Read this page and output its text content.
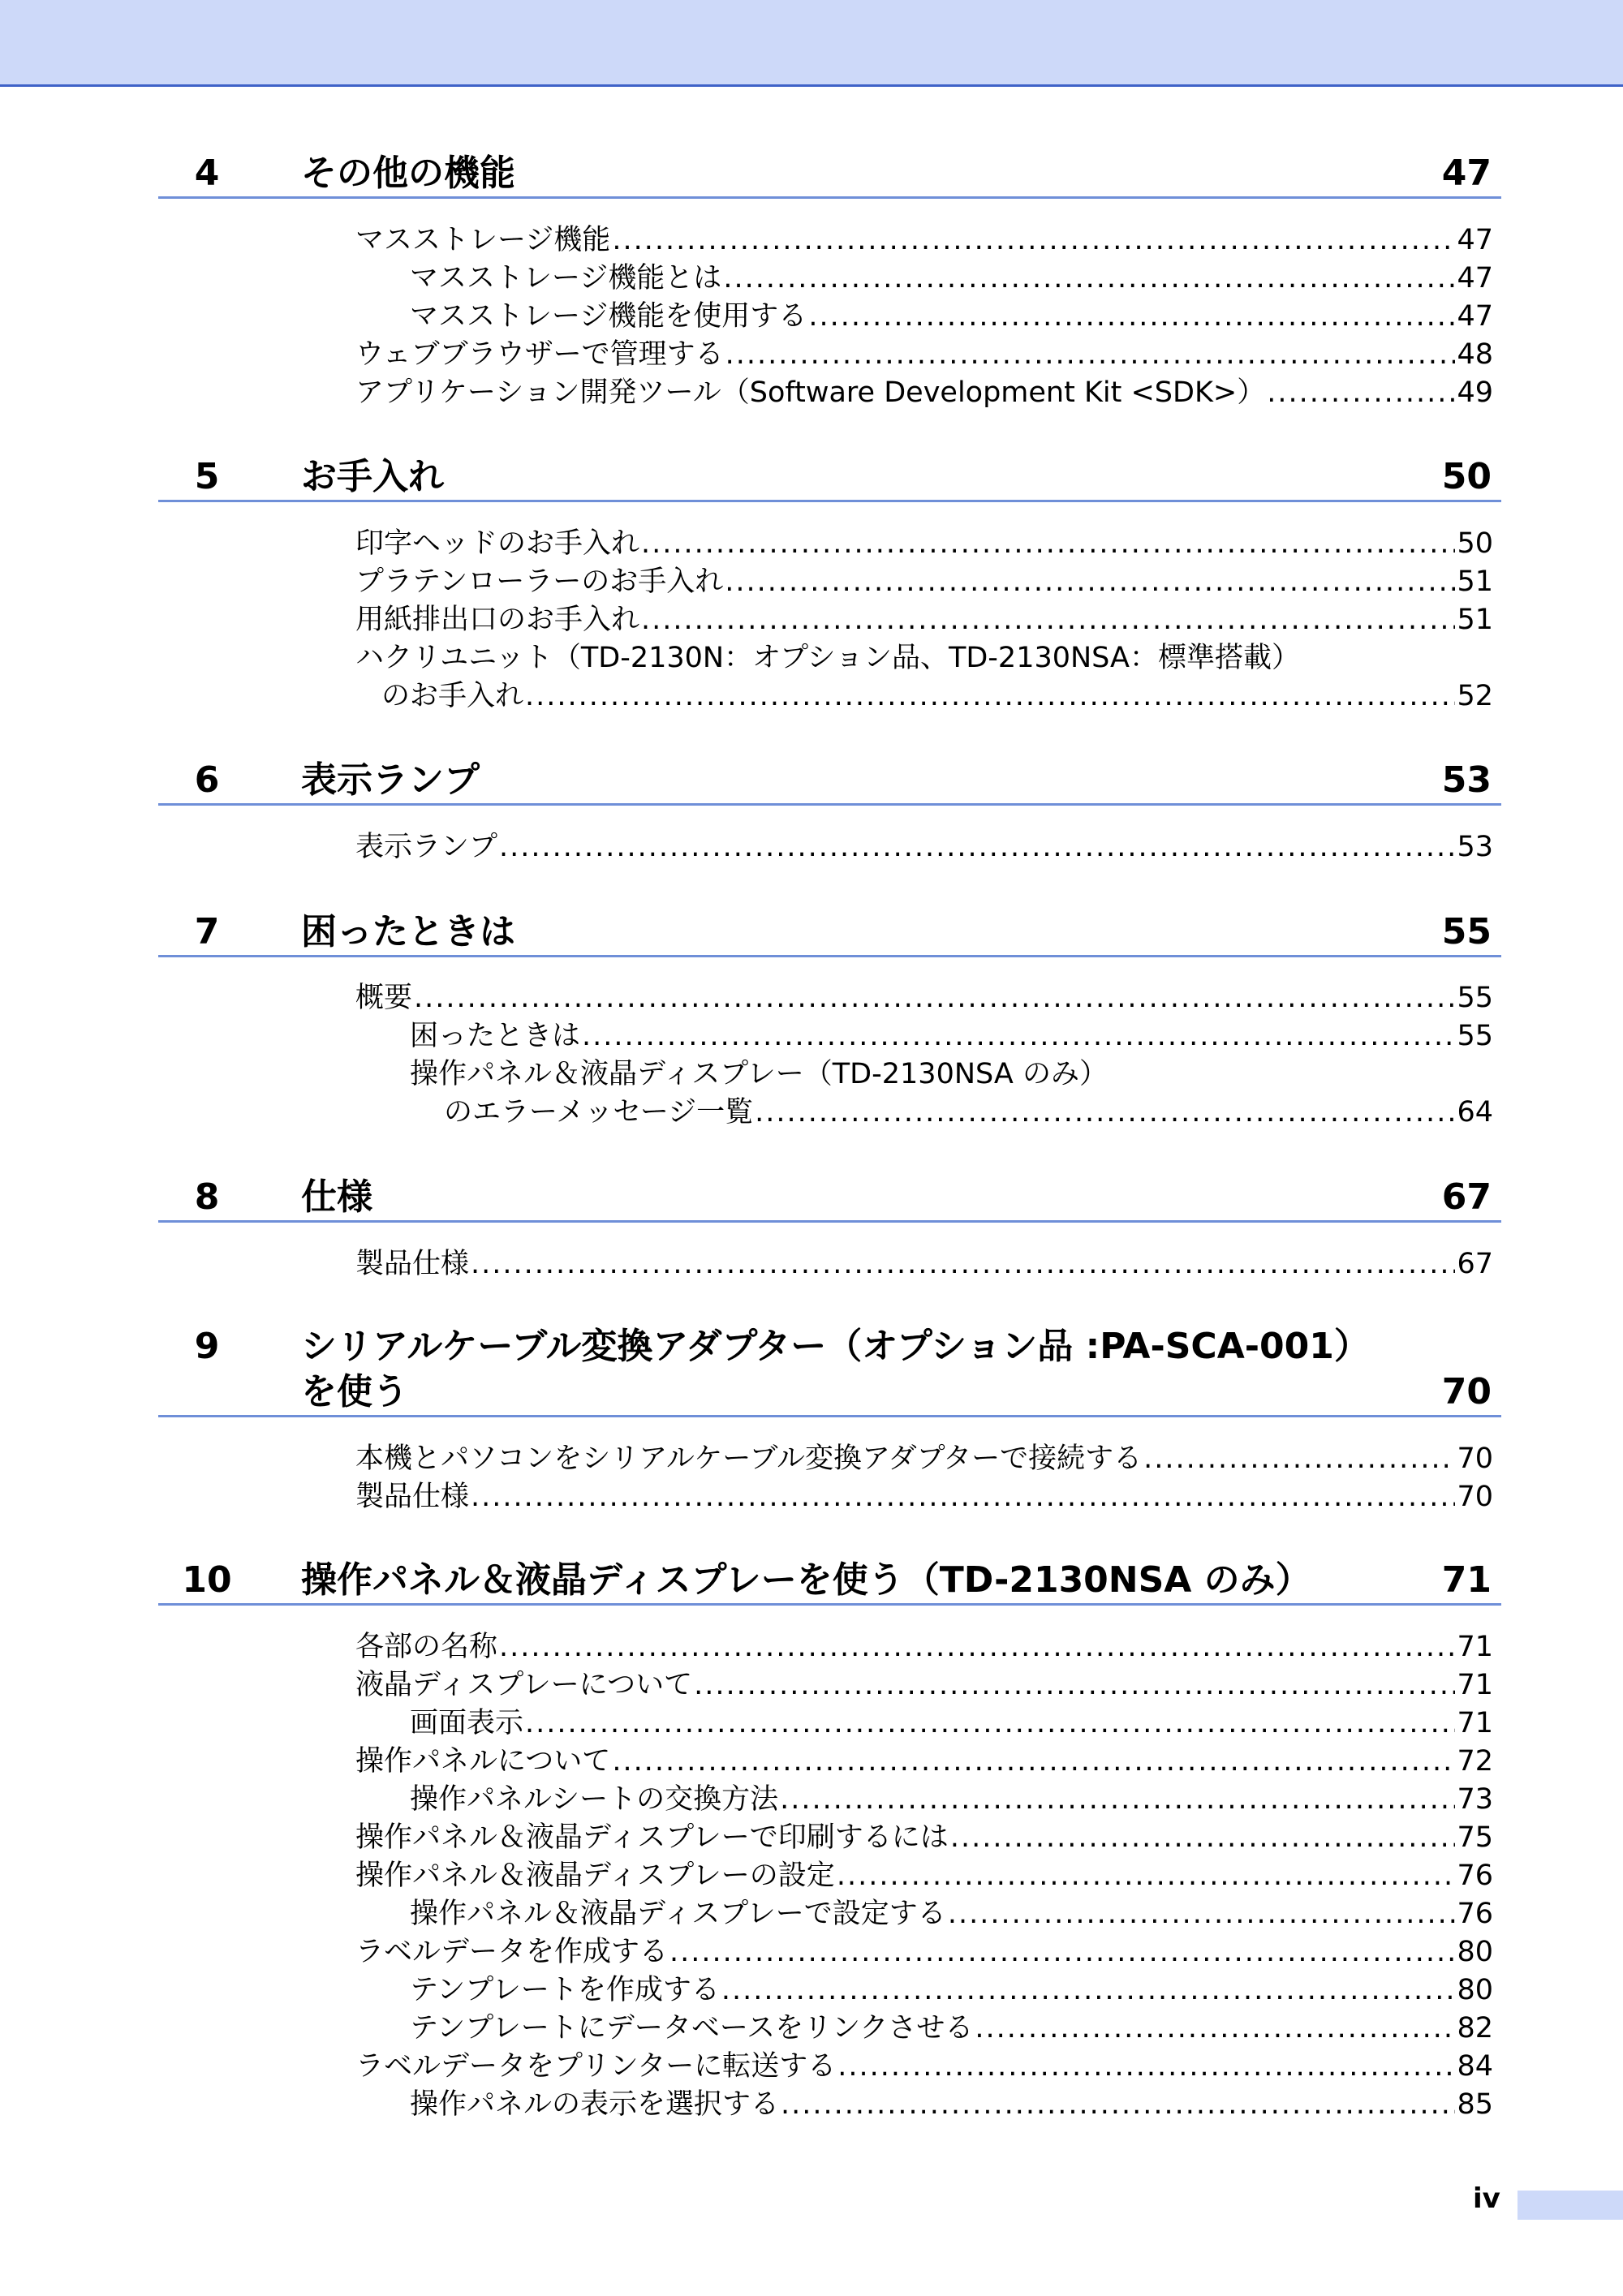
4	その他の機能	47
マスストレージ機能 .....	47
マスストレージ機能とは .....	47
マスストレージ機能を使用する .....	47
ウェブブラウザーで管理する .....	48
アプリケーション開発ツール（Software Development Kit <SDK>） .....	49
5	お手入れ	50
印字ヘッドのお手入れ .....	50
プラテンローラーのお手入れ .....	51
用紙排出口のお手入れ .....	51
ハクリユニット（TD-2130N：オプション品、TD-2130NSA：標準搭載）
のお手入れ .....	52
6	表示ランプ	53
表示ランプ .....	53
7	困ったときは	55
概要 .....	55
困ったときは .....	55
操作パネル＆液晶ディスプレー（TD-2130NSA のみ）
のエラーメッセージ一覧 .....	64
8	仕様	67
製品仕様 .....	67
9	シリアルケーブル変換アダプター（オプション品 :PA-SCA-001）
を使う	70
本機とパソコンをシリアルケーブル変換アダプターで接続する .....	70
製品仕様 .....	70
10	操作パネル＆液晶ディスプレーを使う（TD-2130NSA のみ）	71
各部の名称 .....	71
液晶ディスプレーについて .....	71
画面表示 .....	71
操作パネルについて .....	72
操作パネルシートの交換方法 .....	73
操作パネル＆液晶ディスプレーで印刷するには .....	75
操作パネル＆液晶ディスプレーの設定 .....	76
操作パネル＆液晶ディスプレーで設定する .....	76
ラベルデータを作成する .....	80
テンプレートを作成する .....	80
テンプレートにデータベースをリンクさせる .....	82
ラベルデータをプリンターに転送する .....	84
操作パネルの表示を選択する .....	85
iv
